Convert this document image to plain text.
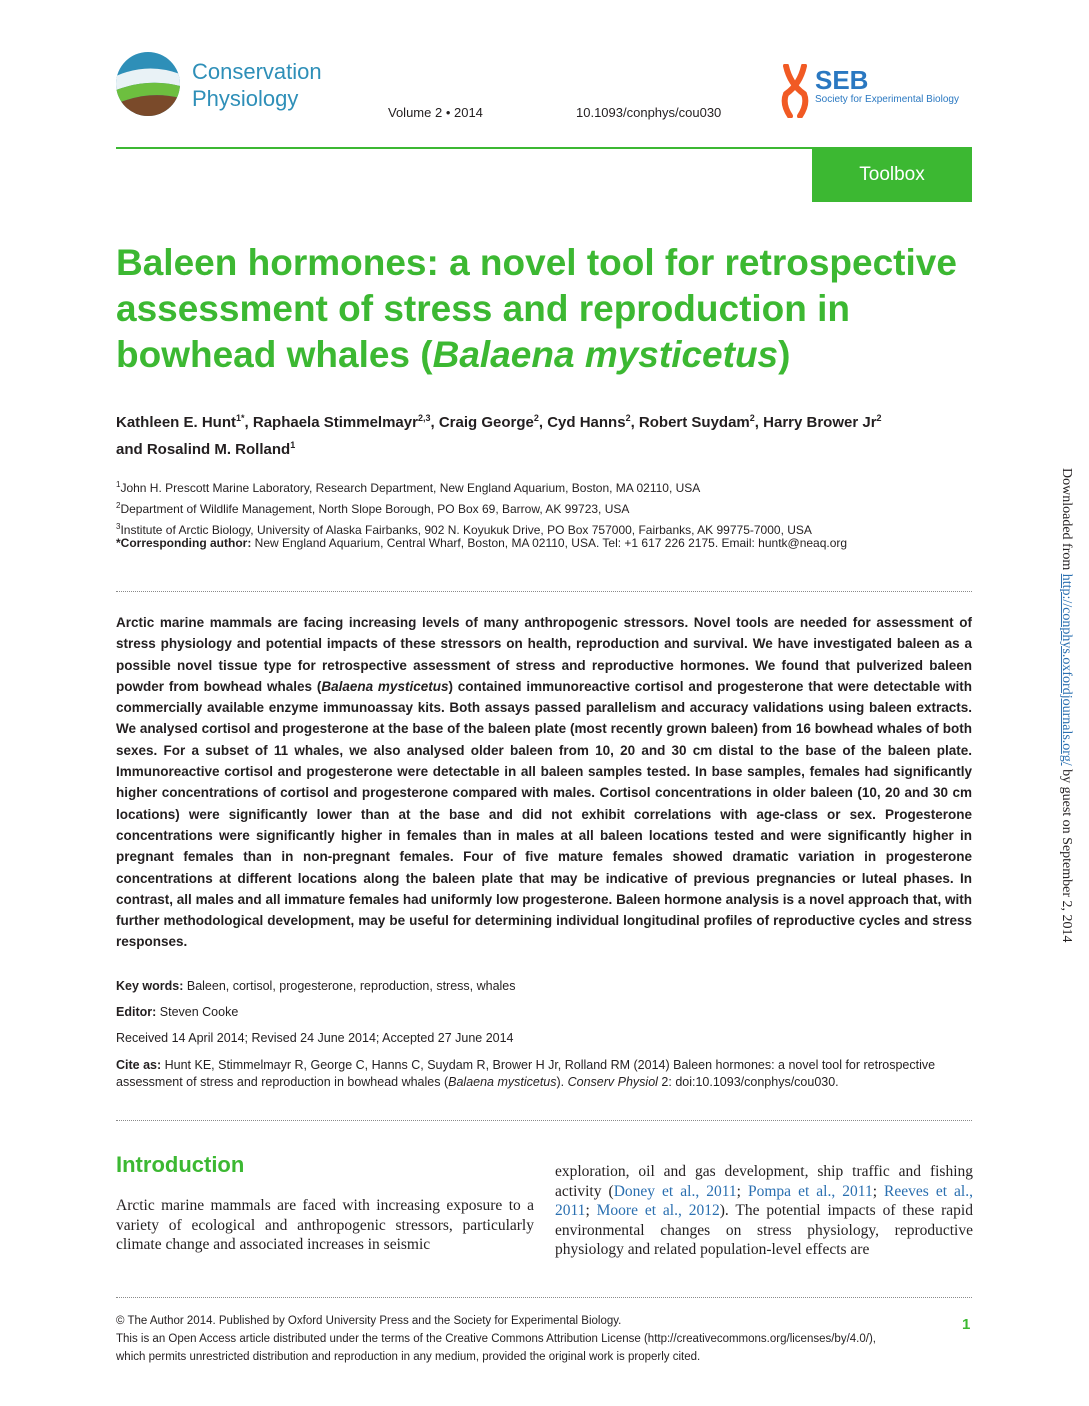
Conservation
Physiology
Volume 2 • 2014	10.1093/conphys/cou030
SEB
Society for Experimental Biology
Toolbox
Baleen hormones: a novel tool for retrospective assessment of stress and reproduction in bowhead whales (Balaena mysticetus)
Kathleen E. Hunt$^{1*}$, Raphaela Stimmelmayr$^{2,3}$, Craig George$^2$, Cyd Hanns$^2$, Robert Suydam$^2$, Harry Brower Jr$^2$
and Rosalind M. Rolland$^1$
$^1$John H. Prescott Marine Laboratory, Research Department, New England Aquarium, Boston, MA 02110, USA
$^2$Department of Wildlife Management, North Slope Borough, PO Box 69, Barrow, AK 99723, USA
$^3$Institute of Arctic Biology, University of Alaska Fairbanks, 902 N. Koyukuk Drive, PO Box 757000, Fairbanks, AK 99775-7000, USA
*Corresponding author: New England Aquarium, Central Wharf, Boston, MA 02110, USA. Tel: +1 617 226 2175. Email: huntk@neaq.org
Arctic marine mammals are facing increasing levels of many anthropogenic stressors. Novel tools are needed for assessment of stress physiology and potential impacts of these stressors on health, reproduction and survival. We have investigated baleen as a possible novel tissue type for retrospective assessment of stress and reproductive hormones. We found that pulverized baleen powder from bowhead whales (Balaena mysticetus) contained immunoreactive cortisol and progesterone that were detectable with commercially available enzyme immunoassay kits. Both assays passed parallelism and accuracy validations using baleen extracts. We analysed cortisol and progesterone at the base of the baleen plate (most recently grown baleen) from 16 bowhead whales of both sexes. For a subset of 11 whales, we also analysed older baleen from 10, 20 and 30 cm distal to the base of the baleen plate. Immunoreactive cortisol and progesterone were detectable in all baleen samples tested. In base samples, females had significantly higher concentrations of cortisol and progesterone compared with males. Cortisol concentrations in older baleen (10, 20 and 30 cm locations) were significantly lower than at the base and did not exhibit correlations with age-class or sex. Progesterone concentrations were significantly higher in females than in males at all baleen locations tested and were significantly higher in pregnant females than in non-pregnant females. Four of five mature females showed dramatic variation in progesterone concentrations at different locations along the baleen plate that may be indicative of previous pregnancies or luteal phases. In contrast, all males and all immature females had uniformly low progesterone. Baleen hormone analysis is a novel approach that, with further methodological development, may be useful for determining individual longitudinal profiles of reproductive cycles and stress responses.
Key words: Baleen, cortisol, progesterone, reproduction, stress, whales
Editor: Steven Cooke
Received 14 April 2014; Revised 24 June 2014; Accepted 27 June 2014
Cite as: Hunt KE, Stimmelmayr R, George C, Hanns C, Suydam R, Brower H Jr, Rolland RM (2014) Baleen hormones: a novel tool for retrospective assessment of stress and reproduction in bowhead whales (Balaena mysticetus). Conserv Physiol 2: doi:10.1093/conphys/cou030.
Introduction
Arctic marine mammals are faced with increasing exposure to a variety of ecological and anthropogenic stressors, particularly climate change and associated increases in seismic
exploration, oil and gas development, ship traffic and fishing activity (Doney et al., 2011; Pompa et al., 2011; Reeves et al., 2011; Moore et al., 2012). The potential impacts of these rapid environmental changes on stress physiology, reproductive physiology and related population-level effects are
© The Author 2014. Published by Oxford University Press and the Society for Experimental Biology.
This is an Open Access article distributed under the terms of the Creative Commons Attribution License (http://creativecommons.org/licenses/by/4.0/),
which permits unrestricted distribution and reproduction in any medium, provided the original work is properly cited.
1
Downloaded from http://conphys.oxfordjournals.org/ by guest on September 2, 2014
